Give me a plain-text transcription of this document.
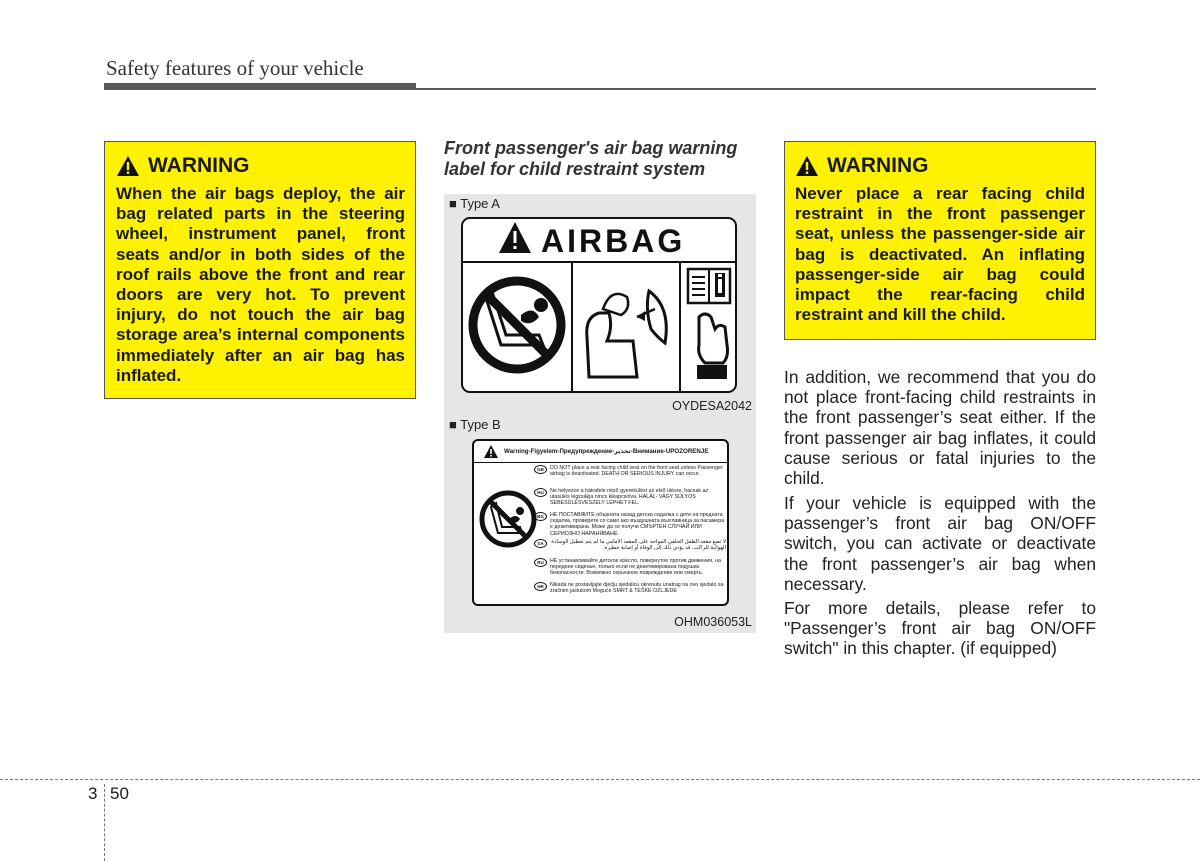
Safety features of your vehicle
WARNING
When the air bags deploy, the air bag related parts in the steering wheel, instrument panel, front seats and/or in both sides of the roof rails above the front and rear doors are very hot. To prevent injury, do not touch the air bag storage area’s internal components immediately after an air bag has inflated.
Front passenger's air bag warning label for child restraint system
■ Type A
AIRBAG
OYDESA2042
■ Type B
Warning-Figyelem-Предупреждение-تحذير-Внимание-UPOZORENJE
GB	DO NOT place a rear facing child seat on the front seat unless Passenger airbag is deactivated. DEATH OR SERIOUS INJURY can occur.
HU	Ne helyezze a hátrafele néző gyerekülést az első ülésre, hacsak az utasülés légzsákja nincs kikapcsolva. HALÁL- VAGY SÚLYOS SEBESÜLÉSVESZÉLY LÉPHET FEL.
BG	НЕ ПОСТАВЯЙТЕ обърната назад детска седалка с дете на предната седалка, проверете сo само ако въздушната възглавница за пасажера е деактивирана. Може да се получи СМЪРТЕН СЛУЧАЙ ИЛИ СЕРИОЗНО НАРАНЯВАНЕ.
SA	لا تضع مقعد الطفل الخلفي المواجه على المقعد الأمامي ما لم يتم تعطيل الوسادة الهوائية للراكب. قد يؤدي ذلك إلى الوفاة أو إصابة خطيرة.
RU	НЕ устанавливайте детское кресло, повернутое против движения, на переднее сиденье, только если не деактивирована подушка безопасности. Возможно серьезное повреждение или смерть.
HR	Nikada ne postavljajte dječju sjedalicu okrenutu unatrag na ovo sjedalo sa zračnim jastukom Moguće SMRT & TEŠKE OZLJEDE
OHM036053L
WARNING
Never place a rear facing child restraint in the front passenger seat, unless the passenger-side air bag is deactivated. An inflating passenger-side air bag could impact the rear-facing child restraint and kill the child.
In addition, we recommend that you do not place front-facing child restraints in the front passenger’s seat either. If the front passenger air bag inflates, it could cause serious or fatal injuries to the child.
If your vehicle is equipped with the passenger’s front air bag ON/OFF switch, you can activate or deactivate the front passenger’s air bag when necessary.
For more details, please refer to "Passenger’s front air bag ON/OFF switch" in this chapter. (if equipped)
3 50
